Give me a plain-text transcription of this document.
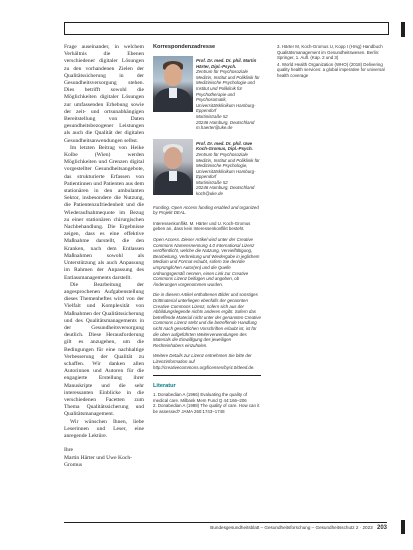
Frage auseinander, in welchem Verhältnis die Ebenen verschiedener digitaler Lösungen zu den vorhandenen Zielen der Qualitätssicherung in der Gesundheitsversorgung stehen. Dies betrifft sowohl die Möglichkeiten digitaler Lösungen zur umfassenden Erhebung sowie der zeit- und ortsunabhängigen Bereitstellung von Daten gesundheitsbezogener Leistungen als auch die Qualität der digitalen Gesundheitsanwendungen selbst.

Im letzten Beitrag von Heike Kolbe (Wien) werden Möglichkeiten und Grenzen digital vorgestellter Gesundheitsangebote, das strukturierte Erfassen von Patientinnen und Patienten aus dem stationären in den ambulanten Sektor, insbesondere die Nutzung, die Patientenzufriedenheit und die Wiederaufnahmequote im Bezug zu einer stationären chirurgischen Nachbehandlung. Die Ergebnisse zeigen, dass es eine effektive Maßnahme darstellt, die den Kranken, nach dem Entlassen Maßnahmen sowohl als Unterstützung als auch Anpassung im Rahmen der Anpassung des Entlassmanagements darstellt.

Die Bearbeitung der angesprochenen Aufgabenstellung dieses Themenheftes wird von der Vielfalt und Komplexität von Maßnahmen der Qualitätssicherung und des Qualitätsmanagements in der Gesundheitsversorgung deutlich. Diese Herausforderung gilt es anzugehen, um die Bedingungen für eine nachhaltige Verbesserung der Qualität zu schaffen. Wir danken allen Autorinnen und Autoren für die engagierte Erstellung ihrer Manuskripte und die sehr interessanten Einblicke in die verschiedenen Facetten zum Thema Qualitätssicherung und Qualitätsmanagement.

Wir wünschen Ihnen, liebe Leserinnen und Leser, eine anregende Lektüre.

Ihre
Martin Härter und Uwe Koch-Gromus
Korrespondenzadresse
Prof. Dr. med. Dr. phil. Martin Härter, Dipl.-Psych.
Zentrum für Psychosoziale Medizin, Institut und Poliklinik für Medizinische Psychologie und Institut und Poliklinik für Psychotherapie und Psychosomatik, Universitätsklinikum Hamburg-Eppendorf
Martinistraße 52
20246 Hamburg, Deutschland
m.haerter@uke.de
Prof. Dr. med. Dr. phil. Uwe Koch-Gromus, Dipl.-Psych.
Zentrum für Psychosoziale Medizin, Institut und Poliklinik für Medizinische Psychologie, Universitätsklinikum Hamburg-Eppendorf
Martinistraße 52
20246 Hamburg, Deutschland
koch@uke.de
Funding. Open Access funding enabled and organized by Projekt DEAL.
Interessenkonflikt. M. Härter und U. Koch-Gromus geben an, dass kein Interessenkonflikt besteht.
Open Access. Dieser Artikel wird unter der Creative Commons Namensnennung 4.0 International Lizenz veröffentlicht, welche die Nutzung, Vervielfältigung, Bearbeitung, Verbreitung und Wiedergabe in jeglichem Medium und Format erlaubt, sofern Sie den/die ursprünglichen Autor(en) und die Quelle ordnungsgemäß nennen, einen Link zur Creative Commons Lizenz beifügen und angeben, ob Änderungen vorgenommen wurden.
Die in diesem Artikel enthaltenen Bilder und sonstiges Drittmaterial unterliegen ebenfalls der genannten Creative Commons Lizenz, sofern sich aus der Abbildungslegende nichts anderes ergibt. Sofern das betreffende Material nicht unter der genannten Creative Commons Lizenz steht und die betreffende Handlung nicht nach gesetzlichen Vorschriften erlaubt ist, ist für die oben aufgeführten Weiterverwendungen des Materials die Einwilligung des jeweiligen Rechteinhabers einzuholen.
Weitere Details zur Lizenz entnehmen Sie bitte der Lizenzinformation auf http://creativecommons.org/licenses/by/4.0/deed.de.
Literatur
1. Donabedian A (1966) Evaluating the quality of medical care. Milbank Mem Fund Q 44:166–206
2. Donabedian A (1988) The quality of care. How can it be assessed? JAMA 260:1743–1748
3. Härter M, Koch-Gromus U, Kopp I (Hrsg) Handbuch Qualitätsmanagement im Gesundheitswesen. Berlin: Springer, 1. Aufl. (Kap. 2 und 3)
4. World Health Organization (WHO) (2018) Delivering quality health services: a global imperative for universal health coverage
Bundesgesundheitsblatt – Gesundheitsforschung – Gesundheitsschutz 2 · 2023 203
